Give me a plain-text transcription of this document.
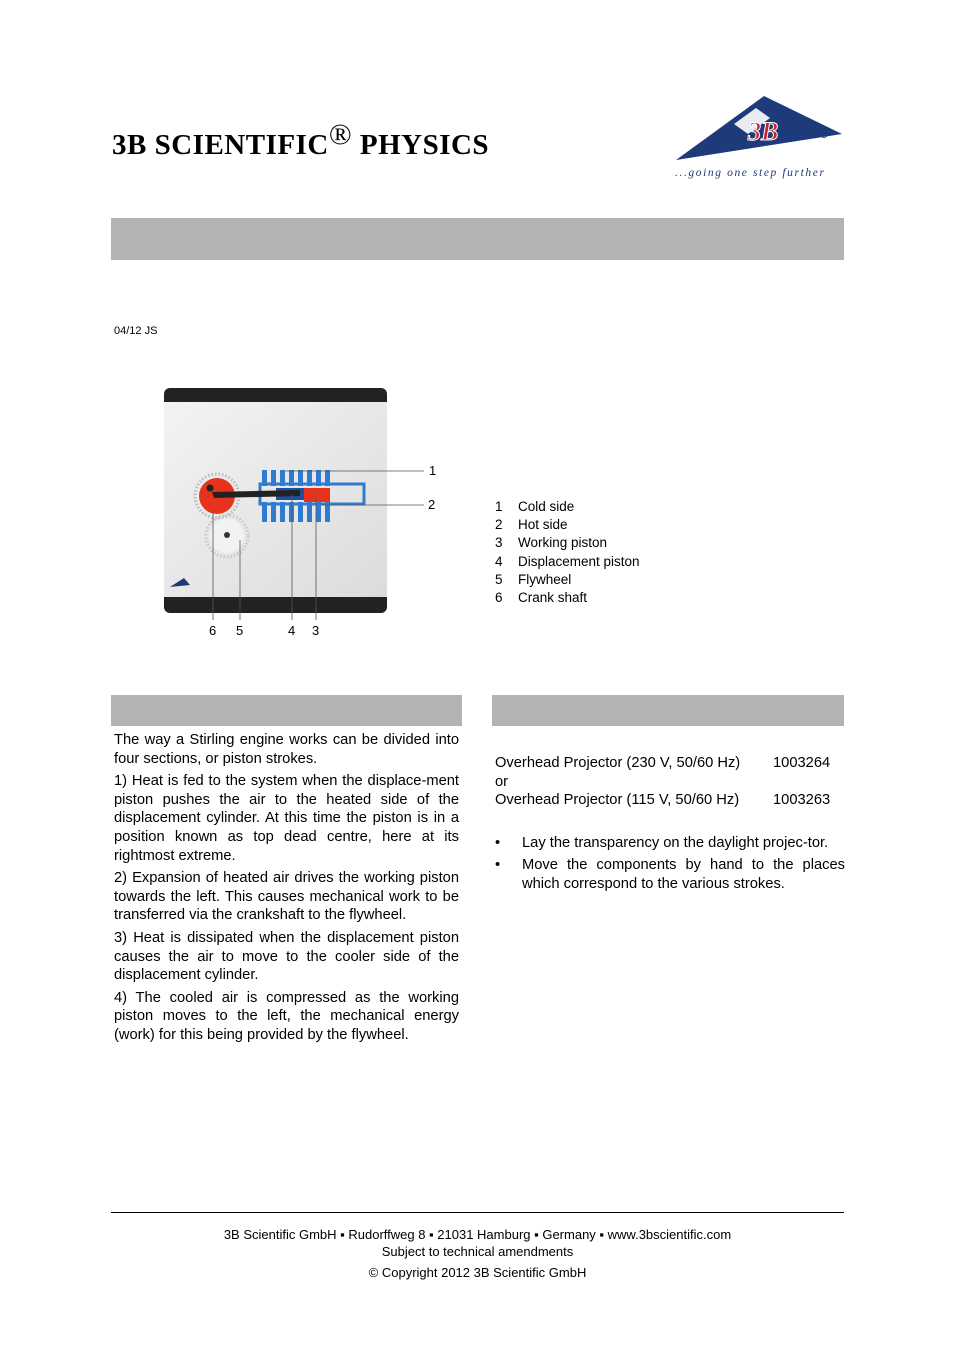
3B SCIENTIFIC® PHYSICS	3B
...going one step further
04/12 JS
1
2
6 5	4 3
1 Cold side
2 Hot side
3 Working piston
4 Displacement piston
5 Flywheel
6 Crank shaft

The way a Stirling engine works can be divided into four sections, or piston strokes.

1) Heat is fed to the system when the displace-ment piston pushes the air to the heated side of the displacement cylinder. At this time the piston is in a position known as top dead centre, here at its rightmost extreme.

2) Expansion of heated air drives the working piston towards the left. This causes mechanical work to be transferred via the crankshaft to the flywheel.

3) Heat is dissipated when the displacement piston causes the air to move to the cooler side of the displacement cylinder.

4) The cooled air is compressed as the working piston moves to the left, the mechanical energy (work) for this being provided by the flywheel.

Overhead Projector (230 V, 50/60 Hz) 1003264
or
Overhead Projector (115 V, 50/60 Hz) 1003263
• Lay the transparency on the daylight projec-tor.
• Move the components by hand to the places which correspond to the various strokes.
3B Scientific GmbH ▪ Rudorffweg 8 ▪ 21031 Hamburg ▪ Germany ▪ www.3bscientific.com
Subject to technical amendments
© Copyright 2012 3B Scientific GmbH
